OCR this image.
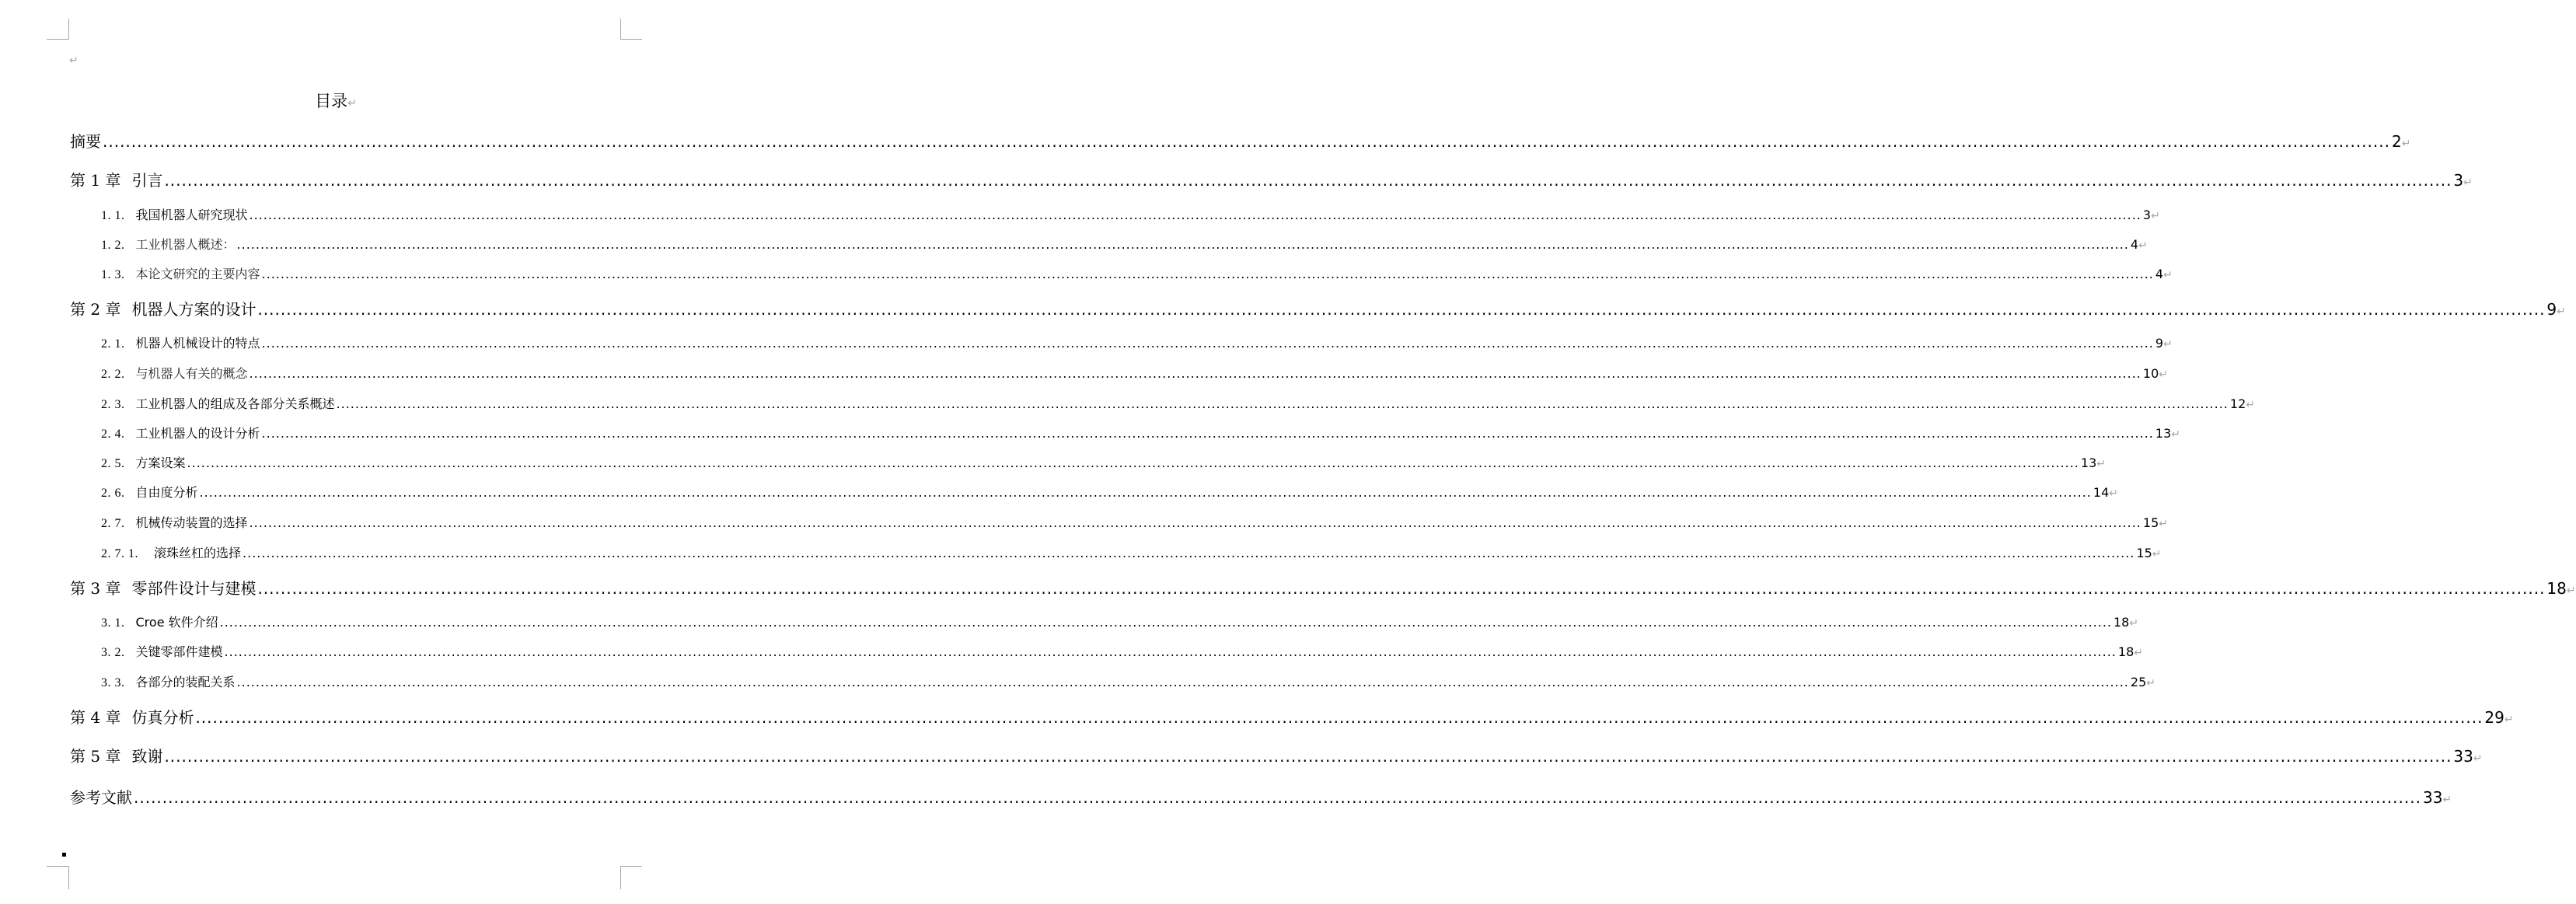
↵
目录↵
摘要 ................................................................................................................................................................................................................................................................................................................................................................................................................ 2 ↵
第 1 章 引言 ................................................................................................................................................................................................................................................................................................................................................................................................................ 3 ↵
1. 1. 我国机器人研究现状 ................................................................................................................................................................................................................................................................................................................................................................................................................ 3 ↵
1. 2. 工业机器人概述： ................................................................................................................................................................................................................................................................................................................................................................................................................ 4 ↵
1. 3. 本论文研究的主要内容 ................................................................................................................................................................................................................................................................................................................................................................................................................ 4 ↵
第 2 章 机器人方案的设计 ................................................................................................................................................................................................................................................................................................................................................................................................................ 9 ↵
2. 1. 机器人机械设计的特点 ................................................................................................................................................................................................................................................................................................................................................................................................................ 9 ↵
2. 2. 与机器人有关的概念 ................................................................................................................................................................................................................................................................................................................................................................................................................ 10 ↵
2. 3. 工业机器人的组成及各部分关系概述 ................................................................................................................................................................................................................................................................................................................................................................................................................ 12 ↵
2. 4. 工业机器人的设计分析 ................................................................................................................................................................................................................................................................................................................................................................................................................ 13 ↵
2. 5. 方案设案 ................................................................................................................................................................................................................................................................................................................................................................................................................ 13 ↵
2. 6. 自由度分析 ................................................................................................................................................................................................................................................................................................................................................................................................................ 14 ↵
2. 7. 机械传动装置的选择 ................................................................................................................................................................................................................................................................................................................................................................................................................ 15 ↵
2. 7. 1.	滚珠丝杠的选择 ................................................................................................................................................................................................................................................................................................................................................................................................................ 15 ↵
第 3 章 零部件设计与建模 ................................................................................................................................................................................................................................................................................................................................................................................................................ 18 ↵
3. 1. Croe 软件介绍 ................................................................................................................................................................................................................................................................................................................................................................................................................ 18 ↵
3. 2. 关键零部件建模 ................................................................................................................................................................................................................................................................................................................................................................................................................ 18 ↵
3. 3. 各部分的装配关系 ................................................................................................................................................................................................................................................................................................................................................................................................................ 25 ↵
第 4 章 仿真分析 ................................................................................................................................................................................................................................................................................................................................................................................................................ 29 ↵
第 5 章 致谢 ................................................................................................................................................................................................................................................................................................................................................................................................................ 33 ↵
参考文献 ................................................................................................................................................................................................................................................................................................................................................................................................................ 33 ↵
